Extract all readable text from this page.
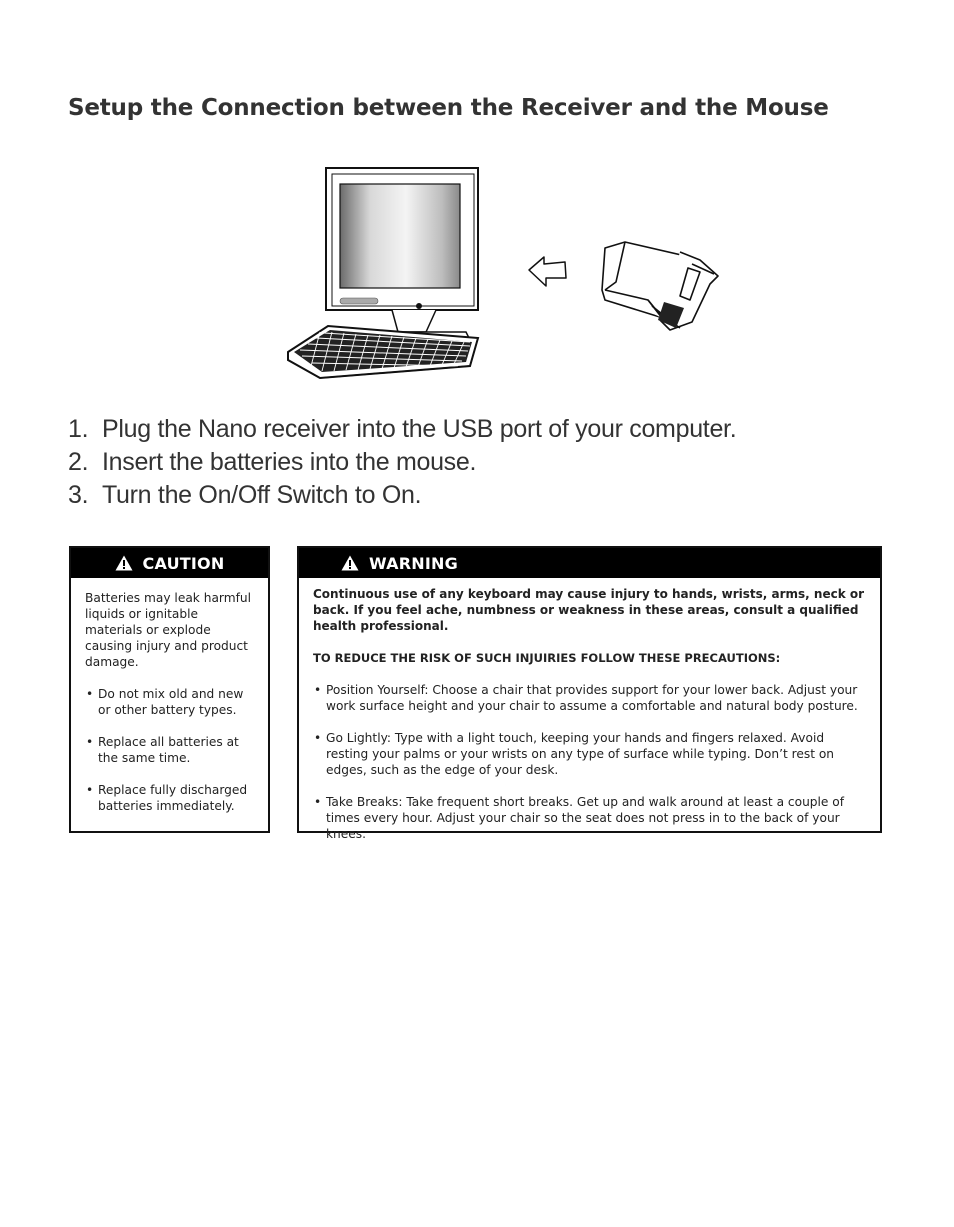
Setup the Connection between the Receiver and the Mouse
1. Plug the Nano receiver into the USB port of your computer.
2. Insert the batteries into the mouse.
3. Turn the On/Off Switch to On.
CAUTION

Batteries may leak harmful liquids or ignitable materials or explode causing injury and product damage.

• Do not mix old and new or other battery types.
• Replace all batteries at the same time.
• Replace fully discharged batteries immediately.
WARNING

Continuous use of any keyboard may cause injury to hands, wrists, arms, neck or back. If you feel ache, numbness or weakness in these areas, consult a qualified health professional.

TO REDUCE THE RISK OF SUCH INJUIRIES FOLLOW THESE PRECAUTIONS:

• Position Yourself: Choose a chair that provides support for your lower back. Adjust your work surface height and your chair to assume a comfortable and natural body posture.
• Go Lightly: Type with a light touch, keeping your hands and fingers relaxed. Avoid resting your palms or your wrists on any type of surface while typing. Don’t rest on edges, such as the edge of your desk.
• Take Breaks: Take frequent short breaks. Get up and walk around at least a couple of times every hour. Adjust your chair so the seat does not press in to the back of your knees.
